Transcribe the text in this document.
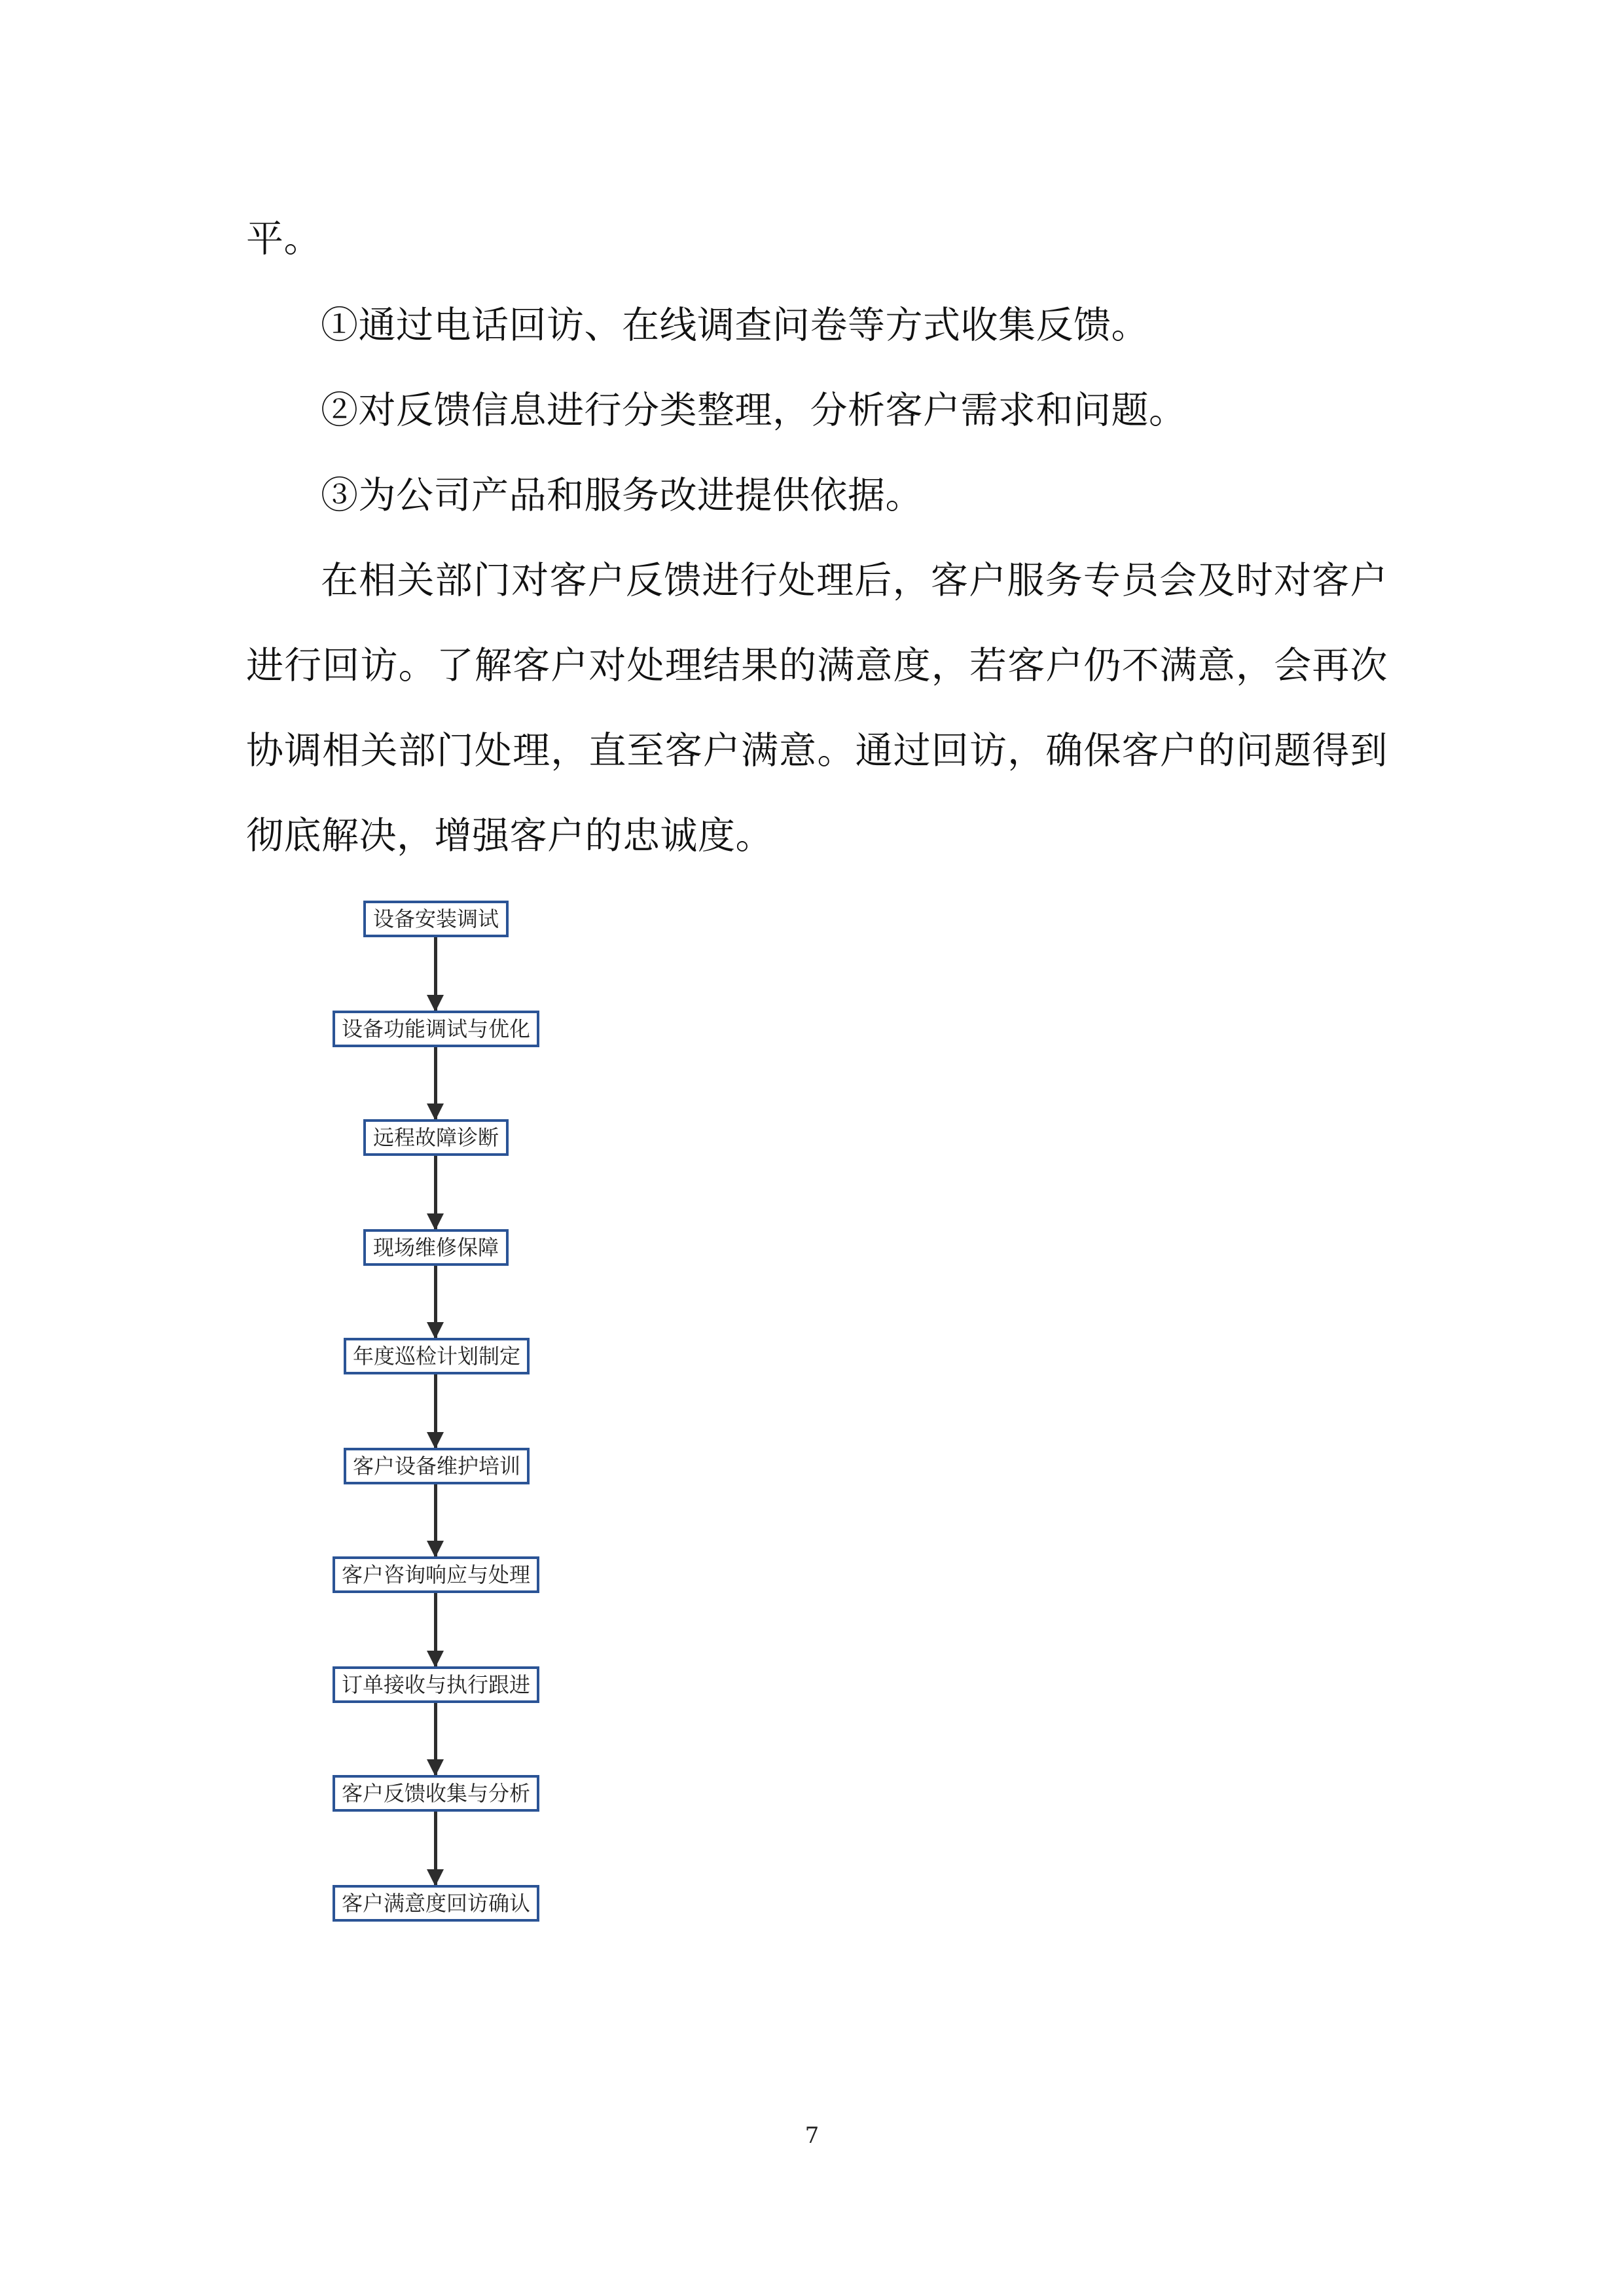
平。
①通过电话回访、在线调查问卷等方式收集反馈。
②对反馈信息进行分类整理，分析客户需求和问题。
③为公司产品和服务改进提供依据。
在相关部门对客户反馈进行处理后，客户服务专员会及时对客户
进行回访。了解客户对处理结果的满意度，若客户仍不满意，会再次
协调相关部门处理，直至客户满意。通过回访，确保客户的问题得到
彻底解决，增强客户的忠诚度。
设备安装调试
设备功能调试与优化
远程故障诊断
现场维修保障
年度巡检计划制定
客户设备维护培训
客户咨询响应与处理
订单接收与执行跟进
客户反馈收集与分析
客户满意度回访确认
7
